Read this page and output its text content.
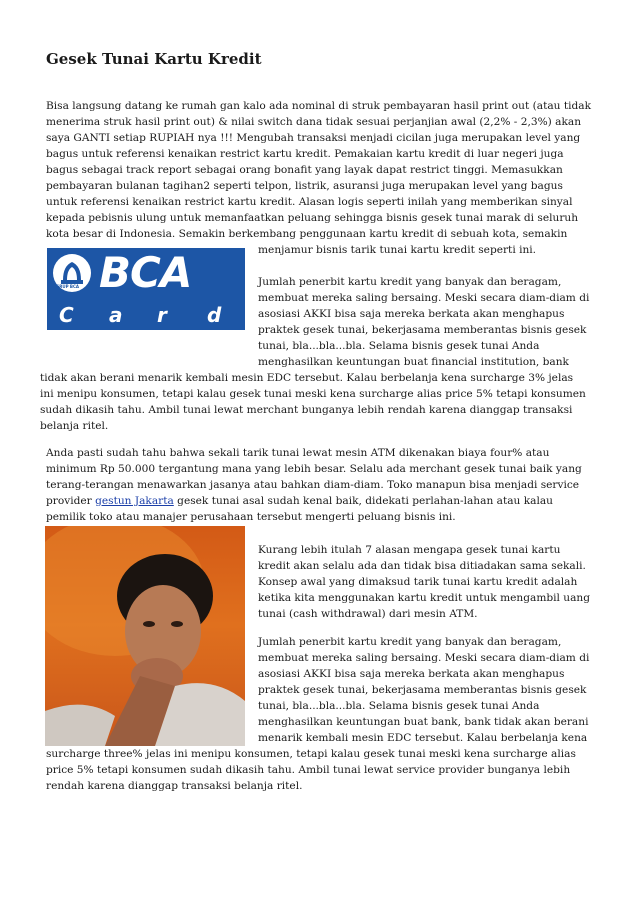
Gesek Tunai Kartu Kredit
Bisa langsung datang ke rumah gan kalo ada nominal di struk pembayaran hasil print out (atau tidak
menerima struk hasil print out) & nilai switch dana tidak sesuai perjanjian awal (2,2% - 2,3%) akan
saya GANTI setiap RUPIAH nya !!! Mengubah transaksi menjadi cicilan juga merupakan level yang
bagus untuk referensi kenaikan restrict kartu kredit. Pemakaian kartu kredit di luar negeri juga
bagus sebagai track report sebagai orang bonafit yang layak dapat restrict tinggi. Memasukkan
pembayaran bulanan tagihan2 seperti telpon, listrik, asuransi juga merupakan level yang bagus
untuk referensi kenaikan restrict kartu kredit. Alasan logis seperti inilah yang memberikan sinyal
kepada pebisnis ulung untuk memanfaatkan peluang sehingga bisnis gesek tunai marak di seluruh
kota besar di Indonesia. Semakin berkembang penggunaan kartu kredit di sebuah kota, semakin
menjamur bisnis tarik tunai kartu kredit seperti ini.
GRUP BCA BCA
C a r d
Jumlah penerbit kartu kredit yang banyak dan beragam,
membuat mereka saling bersaing. Meski secara diam-diam di
asosiasi AKKI bisa saja mereka berkata akan menghapus
praktek gesek tunai, bekerjasama memberantas bisnis gesek
tunai, bla...bla...bla. Selama bisnis gesek tunai Anda
menghasilkan keuntungan buat financial institution, bank
tidak akan berani menarik kembali mesin EDC tersebut. Kalau berbelanja kena surcharge 3% jelas
ini menipu konsumen, tetapi kalau gesek tunai meski kena surcharge alias price 5% tetapi konsumen
sudah dikasih tahu. Ambil tunai lewat merchant bunganya lebih rendah karena dianggap transaksi
belanja ritel.
Anda pasti sudah tahu bahwa sekali tarik tunai lewat mesin ATM dikenakan biaya four% atau
minimum Rp 50.000 tergantung mana yang lebih besar. Selalu ada merchant gesek tunai baik yang
terang-terangan menawarkan jasanya atau bahkan diam-diam. Toko manapun bisa menjadi service
provider gestun Jakarta gesek tunai asal sudah kenal baik, didekati perlahan-lahan atau kalau
pemilik toko atau manajer perusahaan tersebut mengerti peluang bisnis ini.
Kurang lebih itulah 7 alasan mengapa gesek tunai kartu
kredit akan selalu ada dan tidak bisa ditiadakan sama sekali.
Konsep awal yang dimaksud tarik tunai kartu kredit adalah
ketika kita menggunakan kartu kredit untuk mengambil uang
tunai (cash withdrawal) dari mesin ATM.
Jumlah penerbit kartu kredit yang banyak dan beragam,
membuat mereka saling bersaing. Meski secara diam-diam di
asosiasi AKKI bisa saja mereka berkata akan menghapus
praktek gesek tunai, bekerjasama memberantas bisnis gesek
tunai, bla...bla...bla. Selama bisnis gesek tunai Anda
menghasilkan keuntungan buat bank, bank tidak akan berani
menarik kembali mesin EDC tersebut. Kalau berbelanja kena
surcharge three% jelas ini menipu konsumen, tetapi kalau gesek tunai meski kena surcharge alias
price 5% tetapi konsumen sudah dikasih tahu. Ambil tunai lewat service provider bunganya lebih
rendah karena dianggap transaksi belanja ritel.
